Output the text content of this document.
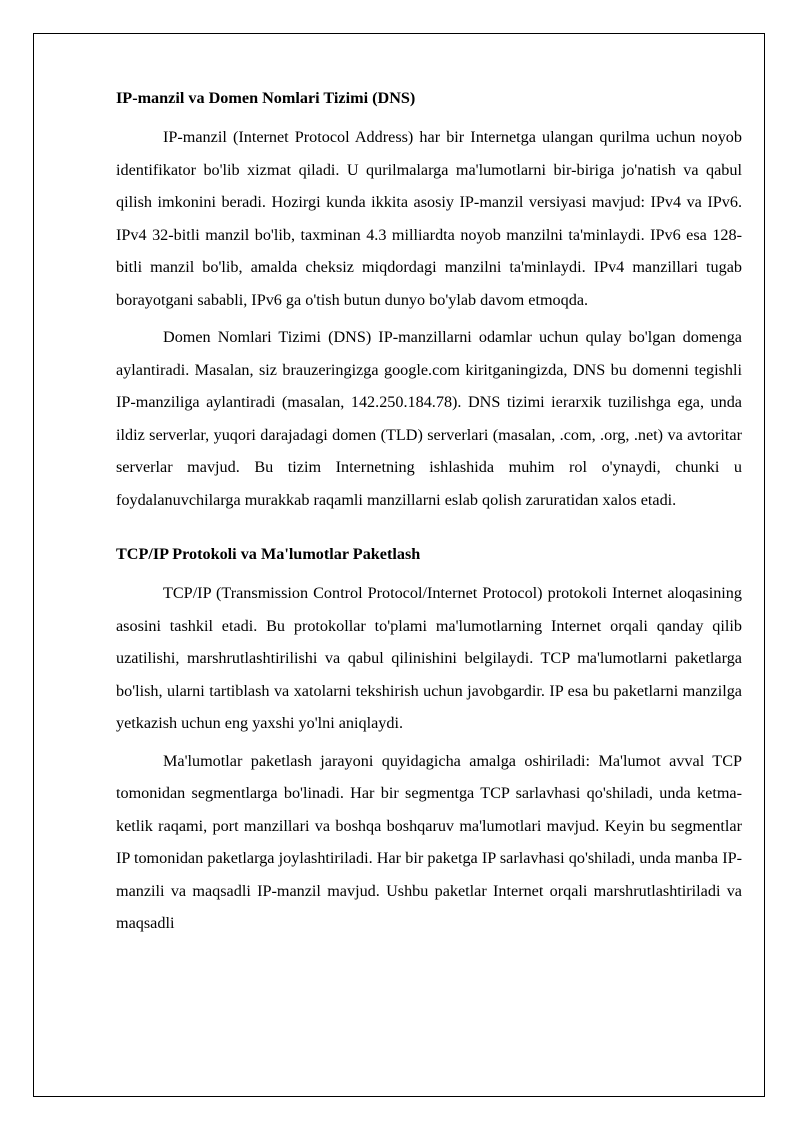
IP-manzil va Domen Nomlari Tizimi (DNS)

IP-manzil (Internet Protocol Address) har bir Internetga ulangan qurilma uchun noyob identifikator bo'lib xizmat qiladi. U qurilmalarga ma'lumotlarni bir-biriga jo'natish va qabul qilish imkonini beradi. Hozirgi kunda ikkita asosiy IP-manzil versiyasi mavjud: IPv4 va IPv6. IPv4 32-bitli manzil bo'lib, taxminan 4.3 milliardta noyob manzilni ta'minlaydi. IPv6 esa 128-bitli manzil bo'lib, amalda cheksiz miqdordagi manzilni ta'minlaydi. IPv4 manzillari tugab borayotgani sababli, IPv6 ga o'tish butun dunyo bo'ylab davom etmoqda.

Domen Nomlari Tizimi (DNS) IP-manzillarni odamlar uchun qulay bo'lgan domenga aylantiradi. Masalan, siz brauzeringizga google.com kiritganingizda, DNS bu domenni tegishli IP-manziliga aylantiradi (masalan, 142.250.184.78). DNS tizimi ierarxik tuzilishga ega, unda ildiz serverlar, yuqori darajadagi domen (TLD) serverlari (masalan, .com, .org, .net) va avtoritar serverlar mavjud. Bu tizim Internetning ishlashida muhim rol o'ynaydi, chunki u foydalanuvchilarga murakkab raqamli manzillarni eslab qolish zaruratidan xalos etadi.

TCP/IP Protokoli va Ma'lumotlar Paketlash

TCP/IP (Transmission Control Protocol/Internet Protocol) protokoli Internet aloqasining asosini tashkil etadi. Bu protokollar to'plami ma'lumotlarning Internet orqali qanday qilib uzatilishi, marshrutlashtirilishi va qabul qilinishini belgilaydi. TCP ma'lumotlarni paketlarga bo'lish, ularni tartiblash va xatolarni tekshirish uchun javobgardir. IP esa bu paketlarni manzilga yetkazish uchun eng yaxshi yo'lni aniqlaydi.

Ma'lumotlar paketlash jarayoni quyidagicha amalga oshiriladi: Ma'lumot avval TCP tomonidan segmentlarga bo'linadi. Har bir segmentga TCP sarlavhasi qo'shiladi, unda ketma-ketlik raqami, port manzillari va boshqa boshqaruv ma'lumotlari mavjud. Keyin bu segmentlar IP tomonidan paketlarga joylashtiriladi. Har bir paketga IP sarlavhasi qo'shiladi, unda manba IP-manzili va maqsadli IP-manzil mavjud. Ushbu paketlar Internet orqali marshrutlashtiriladi va maqsadli
